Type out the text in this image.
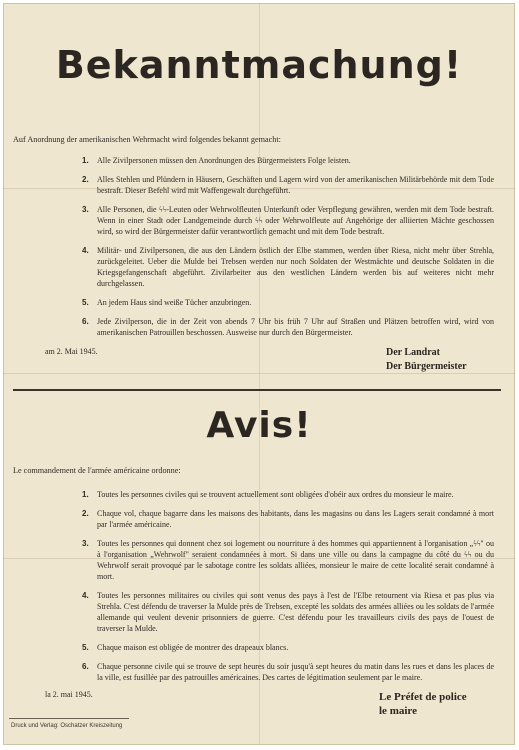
Bekanntmachung!
Auf Anordnung der amerikanischen Wehrmacht wird folgendes bekannt gemacht:
1.	Alle Zivilpersonen müssen den Anordnungen des Bürgermeisters Folge leisten.
2.	Alles Stehlen und Plündern in Häusern, Geschäften und Lagern wird von der amerikanischen Militärbehörde mit dem Tode bestraft. Dieser Befehl wird mit Waffengewalt durchgeführt.
3.	Alle Personen, die ϟϟ-Leuten oder Wehrwolfleuten Unterkunft oder Verpflegung gewähren, werden mit dem Tode bestraft. Wenn in einer Stadt oder Landgemeinde durch ϟϟ oder Wehrwolfleute auf Angehörige der alliierten Mächte geschossen wird, so wird der Bürgermeister dafür verantwortlich gemacht und mit dem Tode bestraft.
4.	Militär- und Zivilpersonen, die aus den Ländern östlich der Elbe stammen, werden über Riesa, nicht mehr über Strehla, zurückgeleitet. Ueber die Mulde bei Trebsen werden nur noch Soldaten der Westmächte und deutsche Soldaten in die Kriegsgefangenschaft abgeführt. Zivilarbeiter aus den westlichen Ländern werden bis auf weiteres nicht mehr durchgelassen.
5.	An jedem Haus sind weiße Tücher anzubringen.
6.	Jede Zivilperson, die in der Zeit von abends 7 Uhr bis früh 7 Uhr auf Straßen und Plätzen betroffen wird, wird von amerikanischen Patrouillen beschossen. Ausweise nur durch den Bürgermeister.
am 2. Mai 1945.	Der Landrat
Der Bürgermeister
Avis!
Le commandement de l'armée américaine ordonne:
1.	Toutes les personnes civiles qui se trouvent actuellement sont obligées d'obéir aux ordres du monsieur le maire.
2.	Chaque vol, chaque bagarre dans les maisons des habitants, dans les magasins ou dans les Lagers serait condamné à mort par l'armée américaine.
3.	Toutes les personnes qui donnent chez soi logement ou nourriture à des hommes qui appartiennent à l'organisation „ϟϟ" ou à l'organisation „Wehrwolf" seraient condamnées à mort. Si dans une ville ou dans la campagne du côté du ϟϟ ou du Wehrwolf serait provoqué par le sabotage contre les soldats alliées, monsieur le maire de cette localité serait condamné à mort.
4.	Toutes les personnes militaires ou civiles qui sont venus des pays à l'est de l'Elbe retournent via Riesa et pas plus via Strehla. C'est défendu de traverser la Mulde près de Trebsen, excepté les soldats des armées alliées ou les soldats de l'armée allemande qui veulent devenir prisonniers de guerre. C'est défendu pour les travailleurs civils des pays de l'ouest de traverser la Mulde.
5.	Chaque maison est obligée de montrer des drapeaux blancs.
6.	Chaque personne civile qui se trouve de sept heures du soir jusqu'à sept heures du matin dans les rues et dans les places de la ville, est fusillée par des patrouilles américaines. Des cartes de légitimation seulement par le maire.
la 2. mai 1945.	Le Préfet de police
le maire
Druck und Verlag: Oschatzer Kreiszeitung
